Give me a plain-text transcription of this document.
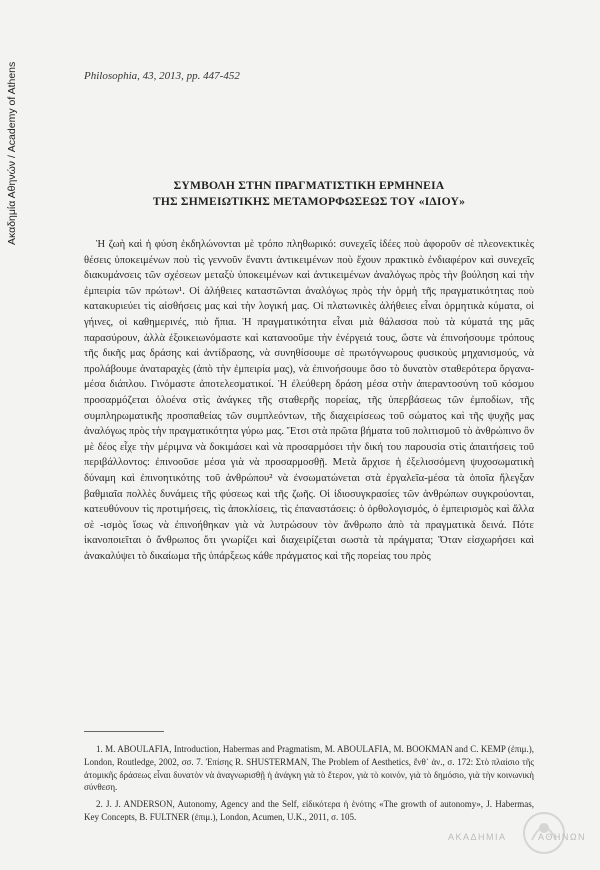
Ακαδημία Αθηνών / Academy of Athens	Philosophia, 43, 2013, pp. 447-452
ΣΥΜΒΟΛΗ ΣΤΗΝ ΠΡΑΓΜΑΤΙΣΤΙΚΗ ΕΡΜΗΝΕΙΑ
ΤΗΣ ΣΗΜΕΙΩΤΙΚΗΣ ΜΕΤΑΜΟΡΦΩΣΕΩΣ ΤΟΥ «ΙΔΙΟΥ»
Ἡ ζωὴ καὶ ἡ φύση ἐκδηλώνονται μὲ τρόπο πληθωρικό: συνεχεῖς ἰδέες ποὺ ἀφοροῦν σὲ πλεονεκτικὲς θέσεις ὑποκειμένων ποὺ τὶς γεννοῦν ἔναντι ἀντικειμένων ποὺ ἔχουν πρακτικὸ ἐνδιαφέρον καὶ συνεχεῖς διακυμάνσεις τῶν σχέσεων μεταξὺ ὑποκειμένων καὶ ἀντικειμένων ἀναλόγως πρὸς τὴν βούληση καὶ τὴν ἐμπειρία τῶν πρώτων¹. Οἱ ἀλήθειες καταστῶνται ἀναλόγως πρὸς τὴν ὁρμὴ τῆς πραγματικότητας ποὺ κατακυριεύει τὶς αἰσθήσεις μας καὶ τὴν λογική μας. Οἱ πλατωνικὲς ἀλήθειες εἶναι ὁρμητικὰ κύματα, οἱ γήινες, οἱ καθημερινές, πιὸ ἤπια. Ἡ πραγματικότητα εἶναι μιὰ θάλασσα ποὺ τὰ κύματά της μᾶς παρασύρουν, ἀλλὰ ἐξοικειωνόμαστε καὶ κατανοοῦμε τὴν ἐνέργειά τους, ὥστε νὰ ἐπινοήσουμε τρόπους τῆς δικῆς μας δράσης καὶ ἀντίδρασης, νὰ συνηθίσουμε σὲ πρωτόγνωρους φυσικοὺς μηχανισμούς, νὰ προλάβουμε ἀναταραχὲς (ἀπὸ τὴν ἐμπειρία μας), νὰ ἐπινοήσουμε ὅσο τὸ δυνατὸν σταθερότερα ὄργανα-μέσα διάπλου. Γινόμαστε ἀποτελεσματικοί. Ἡ ἐλεύθερη δράση μέσα στὴν ἀπεραντοσύνη τοῦ κόσμου προσαρμόζεται ὁλοένα στὶς ἀνάγκες τῆς σταθερῆς πορείας, τῆς ὑπερβάσεως τῶν ἐμποδίων, τῆς συμπληρωματικῆς προσπαθείας τῶν συμπλεόντων, τῆς διαχειρίσεως τοῦ σώματος καὶ τῆς ψυχῆς μας ἀναλόγως πρὸς τὴν πραγματικότητα γύρω μας. Ἔτσι στὰ πρῶτα βήματα τοῦ πολιτισμοῦ τὸ ἀνθρώπινο ὂν μὲ δέος εἶχε τὴν μέριμνα νὰ δοκιμάσει καὶ νὰ προσαρμόσει τὴν δική του παρουσία στὶς ἀπαιτήσεις τοῦ περιβάλλοντος: ἐπινοοῦσε μέσα γιὰ νὰ προσαρμοσθῇ. Μετὰ ἄρχισε ἡ ἐξελισσόμενη ψυχοσωματικὴ δύναμη καὶ ἐπινοητικότης τοῦ ἀνθρώπου² νὰ ἐνσωματώνεται στὰ ἐργαλεῖα-μέσα τὰ ὁποῖα ἤλεγξαν βαθμιαῖα πολλὲς δυνάμεις τῆς φύσεως καὶ τῆς ζωῆς. Οἱ ἰδιοσυγκρασίες τῶν ἀνθρώπων συγκρούονται, κατευθύνουν τὶς προτιμήσεις, τὶς ἀποκλίσεις, τὶς ἐπαναστάσεις: ὁ ὀρθολογισμός, ὁ ἐμπειρισμὸς καὶ ἄλλα σὲ -ισμὸς ἴσως νὰ ἐπινοήθηκαν γιὰ νὰ λυτρώσουν τὸν ἄνθρωπο ἀπὸ τὰ πραγματικὰ δεινά. Πότε ἱκανοποιεῖται ὁ ἄνθρωπος ὅτι γνωρίζει καὶ διαχειρίζεται σωστὰ τὰ πράγματα; Ὅταν εἰσχωρήσει καὶ ἀνακαλύψει τὸ δικαίωμα τῆς ὑπάρξεως κάθε πράγματος καὶ τῆς πορείας του πρὸς

1. M. ABOULAFIA, Introduction, Habermas and Pragmatism, M. ABOULAFIA, M. BOOKMAN and C. KEMP (ἐπιμ.), London, Routledge, 2002, σσ. 7. Ἐπίσης R. SHUSTERMAN, The Problem of Aesthetics, ἔνθ᾽ ἀν., σ. 172: Στὸ πλαίσιο τῆς ἀτομικῆς δράσεως εἶναι δυνατὸν νὰ ἀναγνωρισθῇ ἡ ἀνάγκη γιὰ τὸ ἕτερον, γιὰ τὸ κοινόν, γιὰ τὸ δημόσιο, γιὰ τὴν κοινωνικὴ σύνθεση.

2. J. J. ANDERSON, Autonomy, Agency and the Self, εἰδικότερα ἡ ἑνότης «The growth of autonomy», J. Habermas, Key Concepts, B. FULTNER (ἐπιμ.), London, Acumen, U.K., 2011, σ. 105.

ΑΚΑΔΗΜΙΑ	ΑΘΗΝΩΝ
